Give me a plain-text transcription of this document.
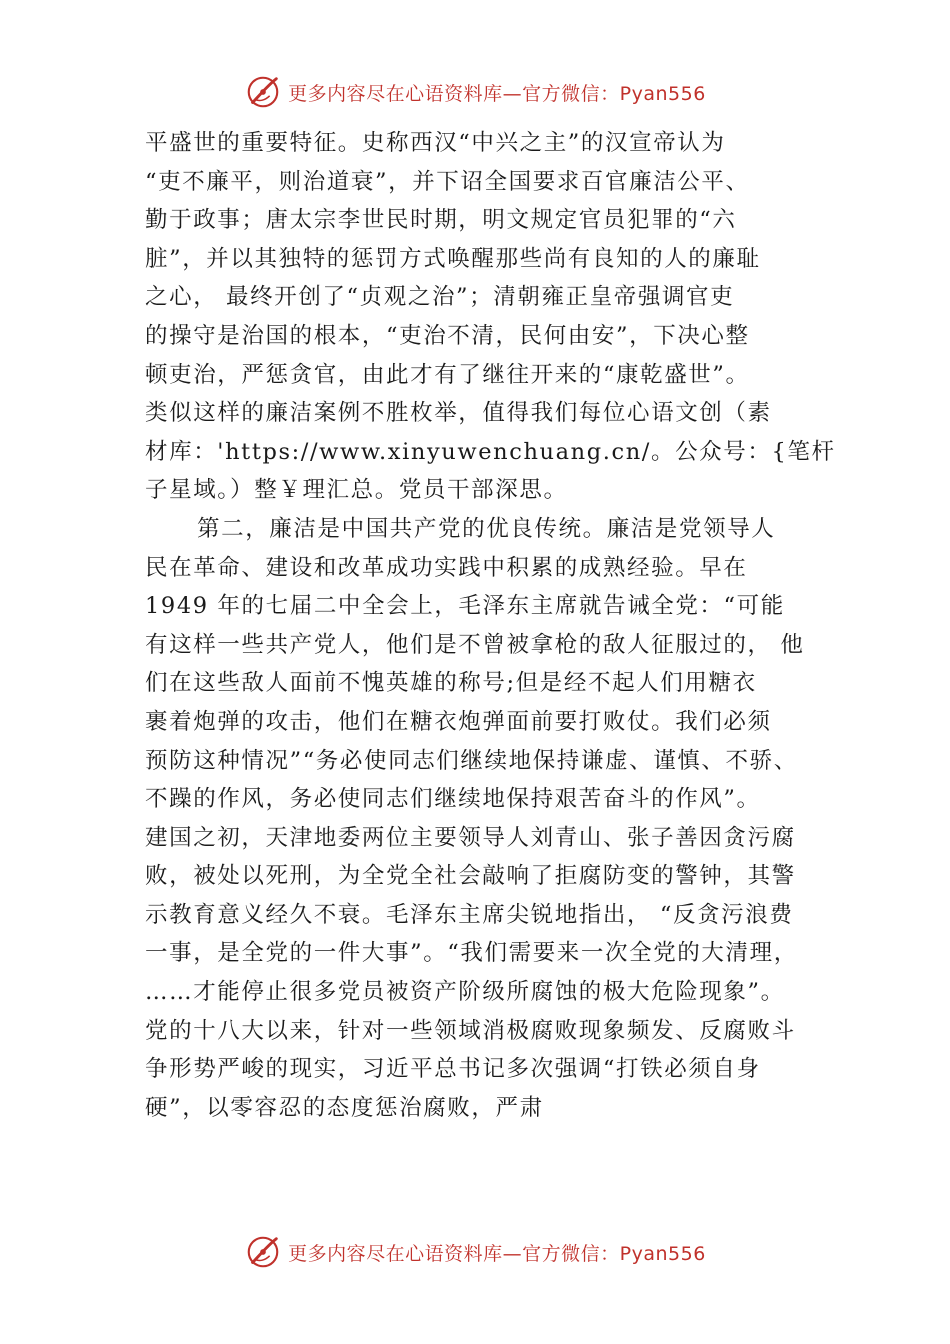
更多内容尽在心语资料库—官方微信：Pyan556
平盛世的重要特征。史称西汉“中兴之主”的汉宣帝认为
“吏不廉平，则治道衰”，并下诏全国要求百官廉洁公平、
勤于政事；唐太宗李世民时期，明文规定官员犯罪的“六
脏”，并以其独特的惩罚方式唤醒那些尚有良知的人的廉耻
之心， 最终开创了“贞观之治”；清朝雍正皇帝强调官吏
的操守是治国的根本，“吏治不清，民何由安”，下决心整
顿吏治，严惩贪官，由此才有了继往开来的“康乾盛世”。
类似这样的廉洁案例不胜枚举，值得我们每位心语文创（素
材库：'https://www.xinyuwenchuang.cn/。公众号：{笔杆
子星域。）整￥理汇总。党员干部深思。
第二，廉洁是中国共产党的优良传统。廉洁是党领导人
民在革命、建设和改革成功实践中积累的成熟经验。早在
1949 年的七届二中全会上，毛泽东主席就告诫全党：“可能
有这样一些共产党人，他们是不曾被拿枪的敌人征服过的， 他
们在这些敌人面前不愧英雄的称号;但是经不起人们用糖衣
裹着炮弹的攻击，他们在糖衣炮弹面前要打败仗。我们必须
预防这种情况”“务必使同志们继续地保持谦虚、谨慎、不骄、
不躁的作风，务必使同志们继续地保持艰苦奋斗的作风”。
建国之初，天津地委两位主要领导人刘青山、张子善因贪污腐
败，被处以死刑，为全党全社会敲响了拒腐防变的警钟，其警
示教育意义经久不衰。毛泽东主席尖锐地指出， “反贪污浪费
一事，是全党的一件大事”。“我们需要来一次全党的大清理，
……才能停止很多党员被资产阶级所腐蚀的极大危险现象”。
党的十八大以来，针对一些领域消极腐败现象频发、反腐败斗
争形势严峻的现实，习近平总书记多次强调“打铁必须自身
硬”，以零容忍的态度惩治腐败，严肃
更多内容尽在心语资料库—官方微信：Pyan556
